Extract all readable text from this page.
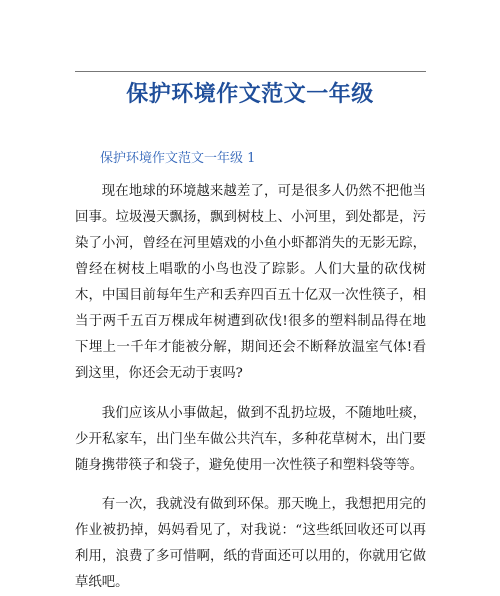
保护环境作文范文一年级
保护环境作文范文一年级 1

现在地球的环境越来越差了，可是很多人仍然不把他当回事。垃圾漫天飘扬，飘到树枝上、小河里，到处都是，污染了小河，曾经在河里嬉戏的小鱼小虾都消失的无影无踪，曾经在树枝上唱歌的小鸟也没了踪影。人们大量的砍伐树木，中国目前每年生产和丢弃四百五十亿双一次性筷子，相当于两千五百万棵成年树遭到砍伐!很多的塑料制品得在地下埋上一千年才能被分解，期间还会不断释放温室气体!看到这里，你还会无动于衷吗?

我们应该从小事做起，做到不乱扔垃圾，不随地吐痰，少开私家车，出门坐车做公共汽车，多种花草树木，出门要随身携带筷子和袋子，避免使用一次性筷子和塑料袋等等。

有一次，我就没有做到环保。那天晚上，我想把用完的作业被扔掉，妈妈看见了，对我说：“这些纸回收还可以再利用，浪费了多可惜啊，纸的背面还可以用的，你就用它做草纸吧。
